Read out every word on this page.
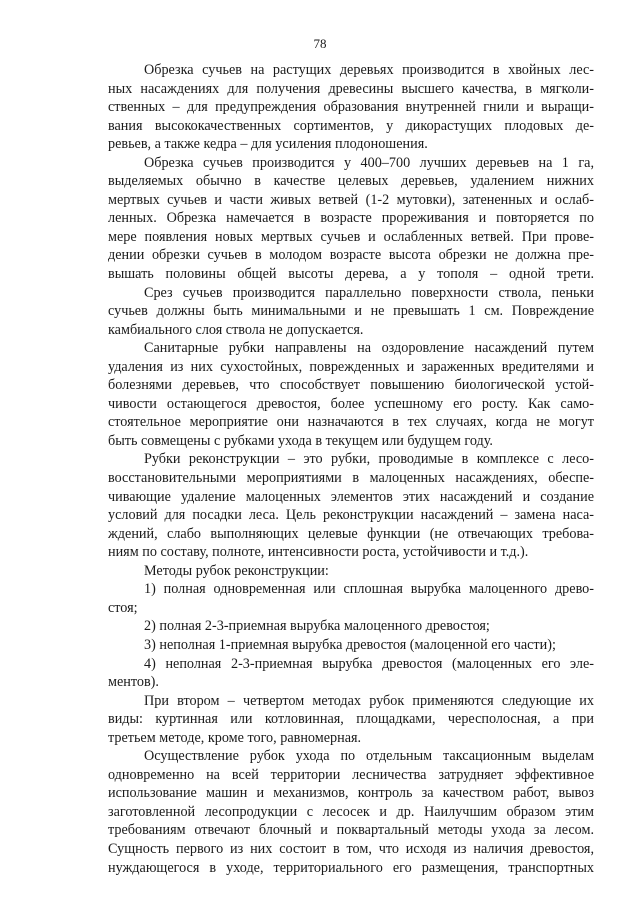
78
Обрезка сучьев на растущих деревьях производится в хвойных лес-
ных насаждениях для получения древесины высшего качества, в мягколи-
ственных – для предупреждения образования внутренней гнили и выращи-
вания высококачественных сортиментов, у дикорастущих плодовых де-
ревьев, а также кедра – для усиления плодоношения.
Обрезка сучьев производится у 400–700 лучших деревьев на 1 га,
выделяемых обычно в качестве целевых деревьев, удалением нижних
мертвых сучьев и части живых ветвей (1-2 мутовки), затененных и ослаб-
ленных. Обрезка намечается в возрасте прореживания и повторяется по
мере появления новых мертвых сучьев и ослабленных ветвей. При прове-
дении обрезки сучьев в молодом возрасте высота обрезки не должна пре-
вышать половины общей высоты дерева, а у тополя – одной трети.
Срез сучьев производится параллельно поверхности ствола, пеньки
сучьев должны быть минимальными и не превышать 1 см. Повреждение
камбиального слоя ствола не допускается.
Санитарные рубки направлены на оздоровление насаждений путем
удаления из них сухостойных, поврежденных и зараженных вредителями и
болезнями деревьев, что способствует повышению биологической устой-
чивости остающегося древостоя, более успешному его росту. Как само-
стоятельное мероприятие они назначаются в тех случаях, когда не могут
быть совмещены с рубками ухода в текущем или будущем году.
Рубки реконструкции – это рубки, проводимые в комплексе с лесо-
восстановительными мероприятиями в малоценных насаждениях, обеспе-
чивающие удаление малоценных элементов этих насаждений и создание
условий для посадки леса. Цель реконструкции насаждений – замена наса-
ждений, слабо выполняющих целевые функции (не отвечающих требова-
ниям по составу, полноте, интенсивности роста, устойчивости и т.д.).
Методы рубок реконструкции:
1) полная одновременная или сплошная вырубка малоценного древо-
стоя;
2) полная 2-3-приемная вырубка малоценного древостоя;
3) неполная 1-приемная вырубка древостоя (малоценной его части);
4) неполная 2-3-приемная вырубка древостоя (малоценных его эле-
ментов).
При втором – четвертом методах рубок применяются следующие их
виды: куртинная или котловинная, площадками, чересполосная, а при
третьем методе, кроме того, равномерная.
Осуществление рубок ухода по отдельным таксационным выделам
одновременно на всей территории лесничества затрудняет эффективное
использование машин и механизмов, контроль за качеством работ, вывоз
заготовленной лесопродукции с лесосек и др. Наилучшим образом этим
требованиям отвечают блочный и поквартальный методы ухода за лесом.
Сущность первого из них состоит в том, что исходя из наличия древостоя,
нуждающегося в уходе, территориального его размещения, транспортных
